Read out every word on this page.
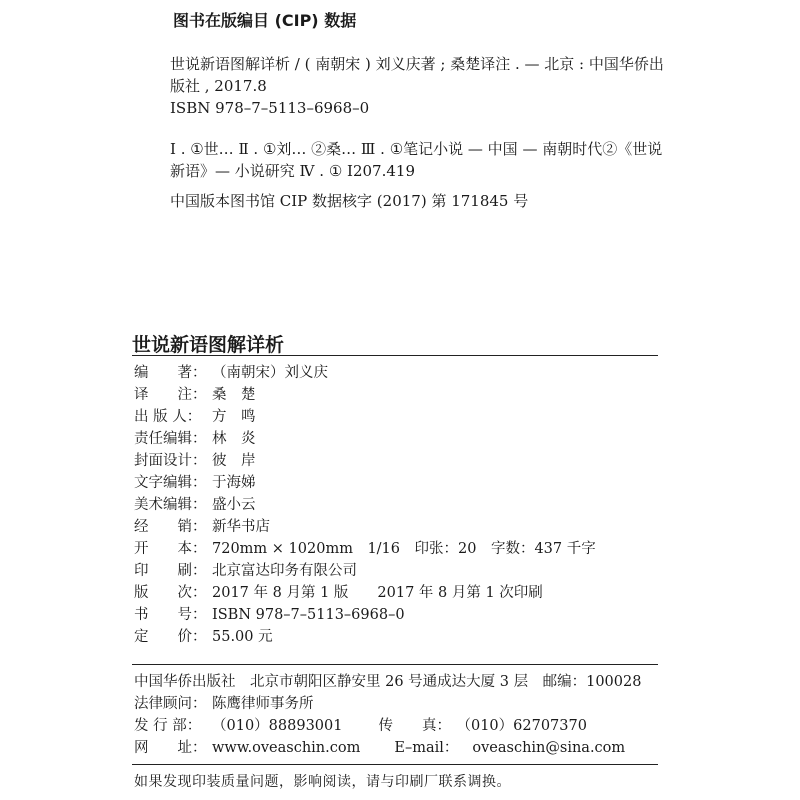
图书在版编目 (CIP) 数据
世说新语图解详析 / ( 南朝宋 ) 刘义庆著 ; 桑楚译注 . — 北京 : 中国华侨出
版社 , 2017.8
ISBN 978–7–5113–6968–0
Ⅰ . ①世… Ⅱ . ①刘… ②桑… Ⅲ . ①笔记小说 — 中国 — 南朝时代②《世说
新语》— 小说研究 Ⅳ . ① I207.419
中国版本图书馆 CIP 数据核字 (2017) 第 171845 号
世说新语图解详析
编　　著： （南朝宋）刘义庆
译　　注： 桑　楚
出 版 人： 方　鸣
责任编辑： 林　炎
封面设计： 彼　岸
文字编辑： 于海娣
美术编辑： 盛小云
经　　销： 新华书店
开　　本： 720mm × 1020mm　1/16　印张：20　字数：437 千字
印　　刷： 北京富达印务有限公司
版　　次： 2017 年 8 月第 1 版　　2017 年 8 月第 1 次印刷
书　　号： ISBN 978–7–5113–6968–0
定　　价： 55.00 元
中国华侨出版社　北京市朝阳区静安里 26 号通成达大厦 3 层　邮编：100028
法律顾问： 陈鹰律师事务所
发 行 部： （010）88893001 传　　真： （010）62707370
网　　址： www.oveaschin.com E–mail： oveaschin@sina.com
如果发现印装质量问题，影响阅读，请与印刷厂联系调换。
